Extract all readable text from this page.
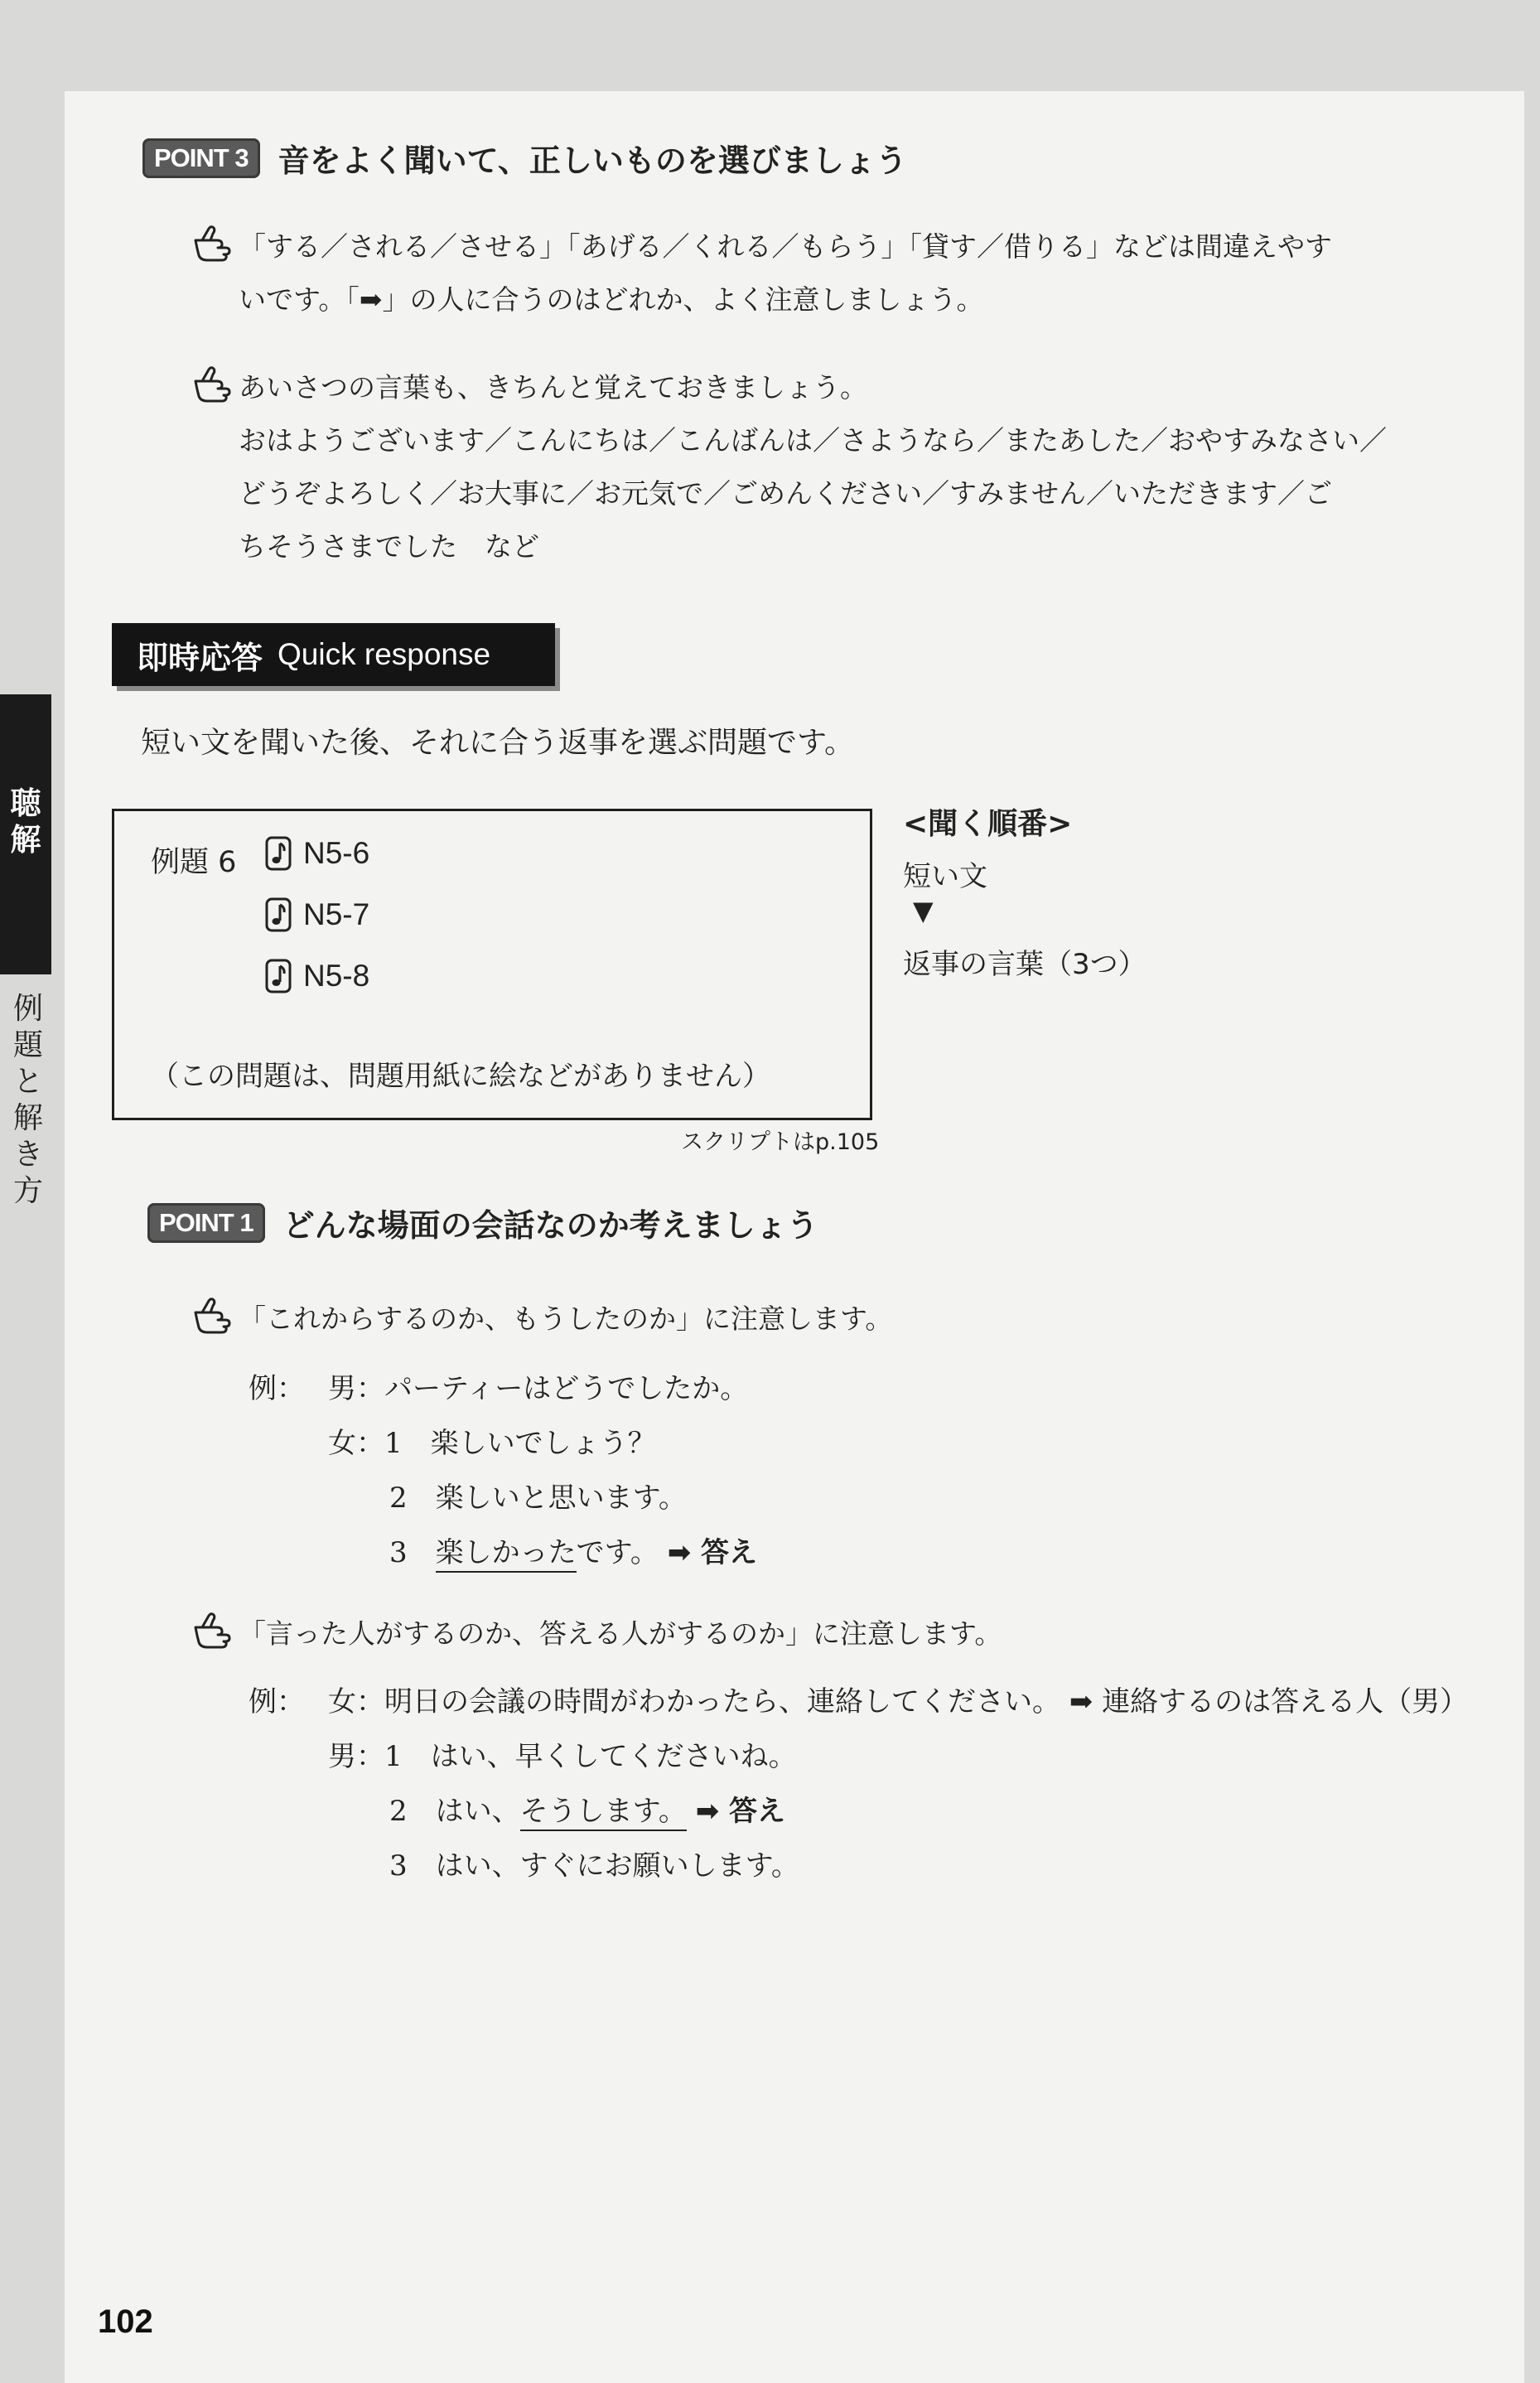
POINT 3 音をよく聞いて、正しいものを選びましょう
「する／される／させる」「あげる／くれる／もらう」「貸す／借りる」などは間違えやす
いです。「➡」の人に合うのはどれか、よく注意しましょう。
あいさつの言葉も、きちんと覚えておきましょう。
おはようございます／こんにちは／こんばんは／さようなら／またあした／おやすみなさい／
どうぞよろしく／お大事に／お元気で／ごめんください／すみません／いただきます／ご
ちそうさまでした　など
即時応答 Quick response
短い文を聞いた後、それに合う返事を選ぶ問題です。
例題 6 N5-6
N5-7
N5-8
（この問題は、問題用紙に絵などがありません）
スクリプトはp.105
<聞く順番>
短い文
▼
返事の言葉（3つ）
POINT 1 どんな場面の会話なのか考えましょう
「これからするのか、もうしたのか」に注意します。
例： 男：パーティーはどうでしたか。
女：1　 楽しいでしょう？
2　 楽しいと思います。
3　 楽しかったです。 ➡ 答え
「言った人がするのか、答える人がするのか」に注意します。
例： 女：明日の会議の時間がわかったら、連絡してください。 ➡ 連絡するのは答える人（男）
男：1　 はい、早くしてくださいね。
2　 はい、そうします。 ➡ 答え
3　 はい、すぐにお願いします。
聴
解
例
題
と
解
き
方
102
